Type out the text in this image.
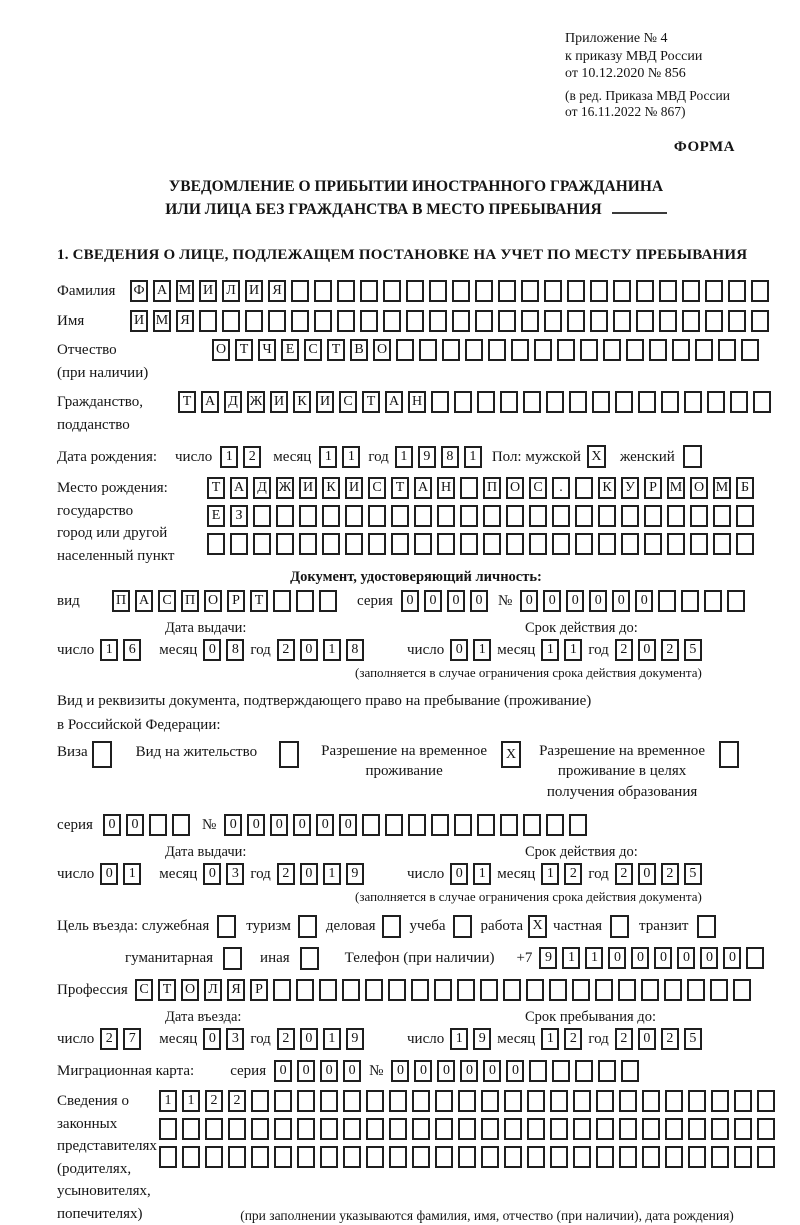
Приложение № 4
к приказу МВД России
от 10.12.2020 № 856
(в ред. Приказа МВД России
от 16.11.2022 № 867)
ФОРМА
УВЕДОМЛЕНИЕ О ПРИБЫТИИ ИНОСТРАННОГО ГРАЖДАНИНА
ИЛИ ЛИЦА БЕЗ ГРАЖДАНСТВА В МЕСТО ПРЕБЫВАНИЯ
1. СВЕДЕНИЯ О ЛИЦЕ, ПОДЛЕЖАЩЕМ ПОСТАНОВКЕ НА УЧЕТ ПО МЕСТУ ПРЕБЫВАНИЯ
Фамилия	Ф А М И Л И Я
Имя	И М Я
Отчество
(при наличии)
О Т	Ч	Е	С	Т	В О
Гражданство,
подданство
Т А Д Ж И К И С	Т А Н
Дата рождения:	число 1	2	месяц 1	1 год 1	9	8	1	Пол: мужской X женский
Место рождения:
государство
город или другой
населенный пункт
Т А Д Ж И К И С	Т А Н	П О С	.	К У	Р М О М Б
Е	З
Документ, удостоверяющий личность:
вид	П А С П О	Р	Т	серия 0	0	0	0	№ 0	0	0	0	0	0
Дата выдачи:
число 1	6	месяц 0	8 год 2	0	1	8
Срок действия до:
число 0	1 месяц 1	1 год 2	0	2	5
(заполняется в случае ограничения срока действия документа)
Вид и реквизиты документа, подтверждающего право на пребывание (проживание)
в Российской Федерации:
Виза	Вид на жительство	Разрешение на временное
проживание
X	Разрешение на временное
проживание в целях
получения образования
серия	0	0	№ 0	0	0	0	0	0
Дата выдачи:
число 0	1	месяц 0	3 год 2	0	1	9
Срок действия до:
число 0	1 месяц 1	2 год 2	0	2	5
(заполняется в случае ограничения срока действия документа)
Цель въезда: служебная туризм деловая учеба работа X частная транзит
гуманитарная	иная	Телефон (при наличии) +7 9	1	1	0	0	0	0	0	0
Профессия С	Т О Л Я	Р
Дата въезда:
число 2	7	месяц 0	3 год 2	0	1	9
Срок пребывания до:
число 1	9 месяц 1	2 год 2	0	2	5
Миграционная карта: серия 0	0	0	0 № 0	0	0	0	0	0
Сведения о
законных
представителях
(родителях,
усыновителях,
попечителях)
1	1	2	2
(при заполнении указываются фамилия, имя, отчество (при наличии), дата рождения)
